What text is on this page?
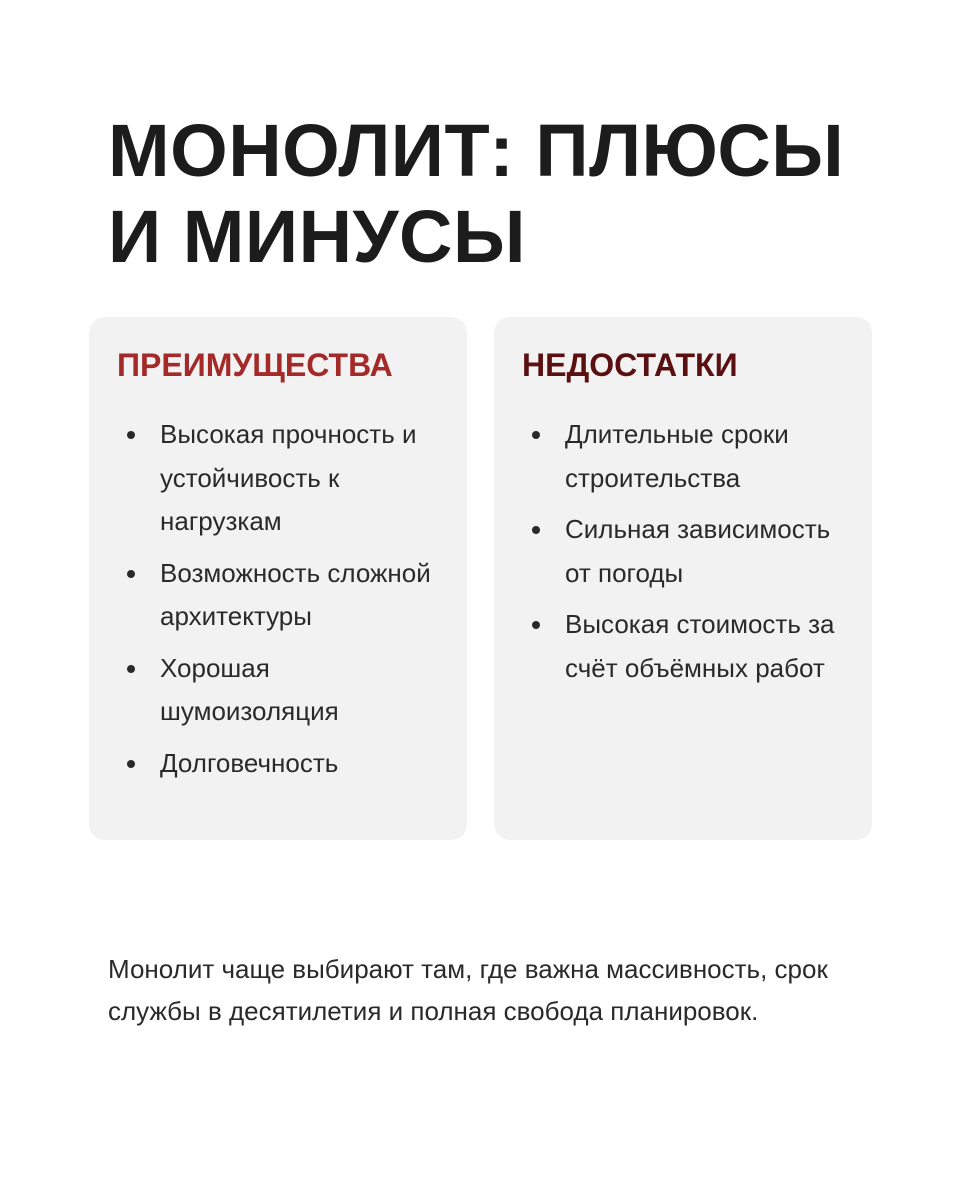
МОНОЛИТ: ПЛЮСЫ
И МИНУСЫ
ПРЕИМУЩЕСТВА
Высокая прочность и устойчивость к нагрузкам
Возможность сложной архитектуры
Хорошая шумоизоляция
Долговечность
НЕДОСТАТКИ
Длительные сроки строительства
Сильная зависимость от погоды
Высокая стоимость за счёт объёмных работ

Монолит чаще выбирают там, где важна массивность, срок службы в десятилетия и полная свобода планировок.
